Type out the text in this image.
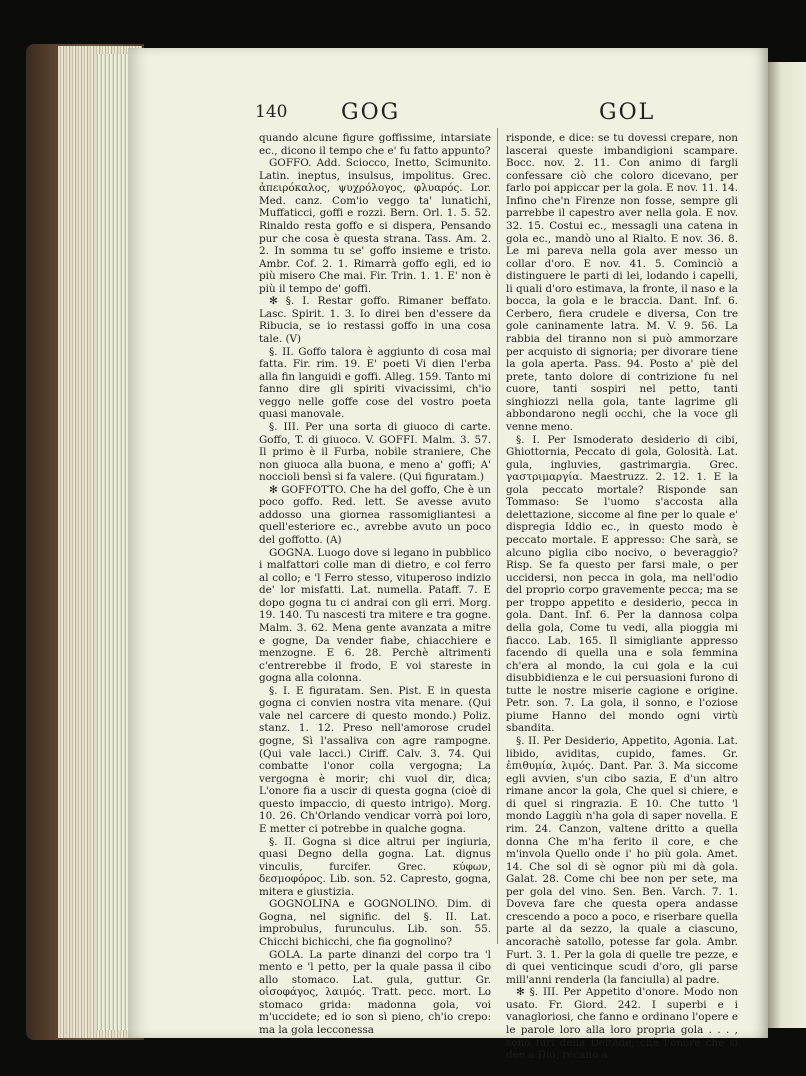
140 GOG	GOL

quando alcune figure goffissime, intarsiate ec., dicono il tempo che e' fu fatto appunto?

GOFFO. Add. Sciocco, Inetto, Scimunito. Latin. ineptus, insulsus, impolitus. Grec. ἀπειρόκαλος, ψυχρόλογος, φλυαρός. Lor. Med. canz. Com'io veggo ta' lunatichi, Muffaticci, goffi e rozzi. Bern. Orl. 1. 5. 52. Rinaldo resta goffo e si dispera, Pensando pur che cosa è questa strana. Tass. Am. 2. 2. In somma tu se' goffo insieme e tristo. Ambr. Cof. 2. 1. Rimarrà goffo egli, ed io più misero Che mai. Fir. Trin. 1. 1. E' non è più il tempo de' goffi.

✻ §. I. Restar goffo. Rimaner beffato. Lasc. Spirit. 1. 3. Io direi ben d'essere da Ribucia, se io restassi goffo in una cosa tale. (V)

§. II. Goffo talora è aggiunto di cosa mal fatta. Fir. rim. 19. E' poeti Vi dien l'erba alla fin languidi e goffi. Alleg. 159. Tanto mi fanno dire gli spiriti vivacissimi, ch'io veggo nelle goffe cose del vostro poeta quasi manovale.

§. III. Per una sorta di giuoco di carte. Goffo, T. di giuoco. V. GOFFI. Malm. 3. 57. Il primo è il Furba, nobile straniere, Che non giuoca alla buona, e meno a' goffi; A' noccioli bensì si fa valere. (Qui figuratam.)

✻ GOFFOTTO. Che ha del goffo, Che è un poco goffo. Red. lett. Se avesse avuto addosso una giornea rassomigliantesi a quell'esteriore ec., avrebbe avuto un poco del goffotto. (A)

GOGNA. Luogo dove si legano in pubblico i malfattori colle man di dietro, e col ferro al collo; e 'l Ferro stesso, vituperoso indizio de' lor misfatti. Lat. numella. Pataff. 7. E dopo gogna tu ci andrai con gli erri. Morg. 19. 140. Tu nascesti tra mitere e tra gogne. Malm. 3. 62. Mena gente avanzata a mitre e gogne, Da vender fiabe, chiacchiere e menzogne. E 6. 28. Perchè altrimenti c'entrerebbe il frodo, E voi stareste in gogna alla colonna.

§. I. E figuratam. Sen. Pist. E in questa gogna ci convien nostra vita menare. (Qui vale nel carcere di questo mondo.) Poliz. stanz. 1. 12. Preso nell'amorose crudel gogne, Sì l'assaliva con agre rampogne. (Qui vale lacci.) Ciriff. Calv. 3. 74. Qui combatte l'onor colla vergogna; La vergogna è morir; chi vuol dir, dica; L'onore fia a uscir di questa gogna (cioè di questo impaccio, di questo intrigo). Morg. 10. 26. Ch'Orlando vendicar vorrà poi loro, E metter ci potrebbe in qualche gogna.

§. II. Gogna si dice altrui per ingiuria, quasi Degno della gogna. Lat. dignus vinculis, furcifer. Grec. κύφων, δεσμοφόρος. Lib. son. 52. Capresto, gogna, mitera e giustizia.

GOGNOLINA e GOGNOLINO. Dim. di Gogna, nel signific. del §. II. Lat. improbulus, furunculus. Lib. son. 55. Chicchi bichicchi, che fia gognolino?

GOLA. La parte dinanzi del corpo tra 'l mento e 'l petto, per la quale passa il cibo allo stomaco. Lat. gula, guttur. Gr. οἰσοφάγος, λαιμός. Tratt. pecc. mort. Lo stomaco grida: madonna gola, voi m'uccidete; ed io son sì pieno, ch'io crepo: ma la gola lecconessa

risponde, e dice: se tu dovessi crepare, non lascerai queste imbandigioni scampare. Bocc. nov. 2. 11. Con animo di fargli confessare ciò che coloro dicevano, per farlo poi appiccar per la gola. E nov. 11. 14. Infino che'n Firenze non fosse, sempre gli parrebbe il capestro aver nella gola. E nov. 32. 15. Costui ec., messagli una catena in gola ec., mandò uno al Rialto. E nov. 36. 8. Le mi pareva nella gola aver messo un collar d'oro. E nov. 41. 5. Cominciò a distinguere le parti di lei, lodando i capelli, li quali d'oro estimava, la fronte, il naso e la bocca, la gola e le braccia. Dant. Inf. 6. Cerbero, fiera crudele e diversa, Con tre gole caninamente latra. M. V. 9. 56. La rabbia del tiranno non si può ammorzare per acquisto di signoria; per divorare tiene la gola aperta. Pass. 94. Posto a' piè del prete, tanto dolore di contrizione fu nel cuore, tanti sospiri nel petto, tanti singhiozzi nella gola, tante lagrime gli abbondarono negli occhi, che la voce gli venne meno.

§. I. Per Ismoderato desiderio di cibi, Ghiottornia, Peccato di gola, Golosità. Lat. gula, ingluvies, gastrimargia. Grec. γαστριμαργία. Maestruzz. 2. 12. 1. E la gola peccato mortale? Risponde san Tommaso: Se l'uomo s'accosta alla delettazione, siccome al fine per lo quale e' dispregia Iddio ec., in questo modo è peccato mortale. E appresso: Che sarà, se alcuno piglia cibo nocivo, o beveraggio? Risp. Se fa questo per farsi male, o per uccidersi, non pecca in gola, ma nell'odio del proprio corpo gravemente pecca; ma se per troppo appetito e desiderio, pecca in gola. Dant. Inf. 6. Per la dannosa colpa della gola, Come tu vedi, alla pioggia mi fiacco. Lab. 165. Il simigliante appresso facendo di quella una e sola femmina ch'era al mondo, la cui gola e la cui disubbidienza e le cui persuasioni furono di tutte le nostre miserie cagione e origine. Petr. son. 7. La gola, il sonno, e l'oziose piume Hanno del mondo ogni virtù sbandita.

§. II. Per Desiderio, Appetito, Agonia. Lat. libido, aviditas, cupido, fames. Gr. ἐπιθυμία, λιμός. Dant. Par. 3. Ma siccome egli avvien, s'un cibo sazia, E d'un altro rimane ancor la gola, Che quel si chiere, e di quel si ringrazia. E 10. Che tutto 'l mondo Laggiù n'ha gola di saper novella. E rim. 24. Canzon, valtene dritto a quella donna Che m'ha ferito il core, e che m'invola Quello onde i' ho più gola. Amet. 14. Che sol di sè ognor più mi dà gola. Galat. 28. Come chi bee non per sete, ma per gola del vino. Sen. Ben. Varch. 7. 1. Doveva fare che questa opera andasse crescendo a poco a poco, e riserbare quella parte al da sezzo, la quale a ciascuno, ancorachè satollo, potesse far gola. Ambr. Furt. 3. 1. Per la gola di quelle tre pezze, e di quei venticinque scudi d'oro, gli parse mill'anni renderla (la fanciulla) al padre.

✻ §. III. Per Appetito d'onore. Modo non usato. Fr. Giord. 242. I superbi e i vanagloriosi, che fanno e ordinano l'opere e le parole loro alla loro propria gola . . . , sono furi della Deitade; chè l'onore che si dee a Dio, recano a
